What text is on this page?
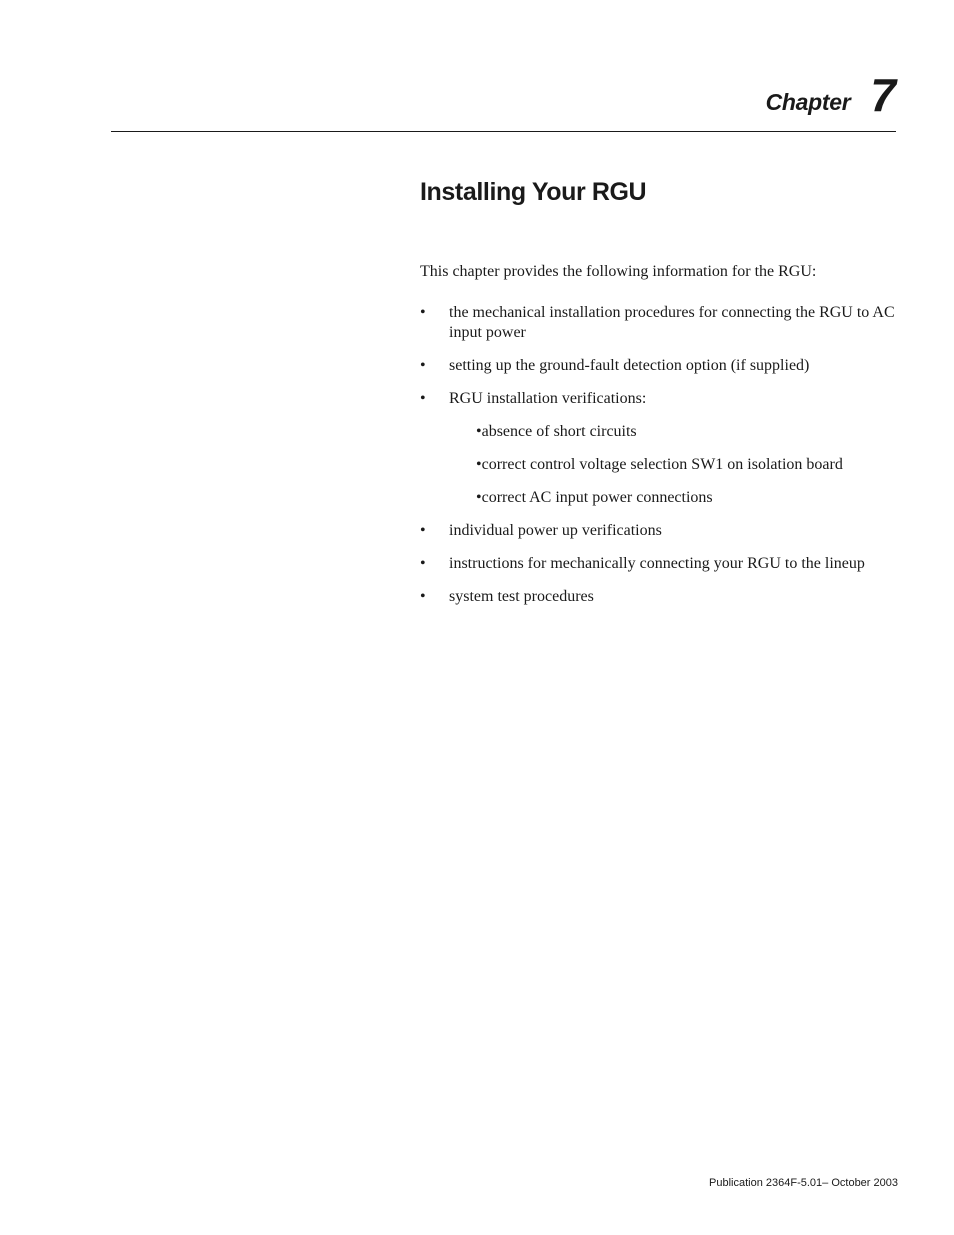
Chapter 7
Installing Your RGU

This chapter provides the following information for the RGU:

• the mechanical installation procedures for connecting the RGU to AC input power
• setting up the ground-fault detection option (if supplied)
• RGU installation verifications:
•absence of short circuits
•correct control voltage selection SW1 on isolation board
•correct AC input power connections
• individual power up verifications
• instructions for mechanically connecting your RGU to the lineup
• system test procedures
Publication 2364F-5.01– October 2003
